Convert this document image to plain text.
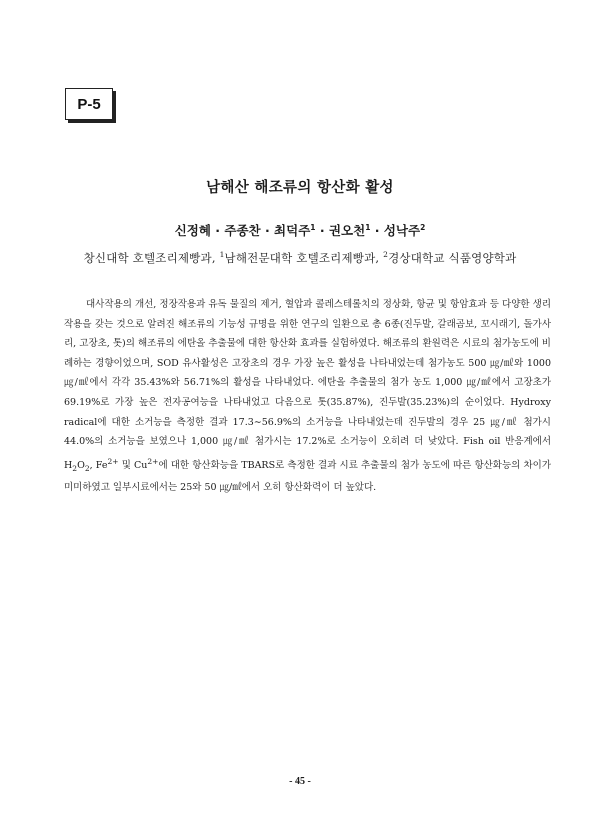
P-5
남해산 해조류의 항산화 활성
신정혜 · 주종찬 · 최덕주$^1$ · 권오천$^1$ · 성낙주$^2$
창신대학 호텔조리제빵과, $^1$남해전문대학 호텔조리제빵과, $^2$경상대학교 식품영양학과

대사작용의 개선, 정장작용과 유독 물질의 제거, 혈압과 콜레스테롤치의 정상화, 항균 및 항암효과 등 다양한 생리작용을 갖는 것으로 알려진 해조류의 기능성 규명을 위한 연구의 일환으로 총 6종(진두발, 갈래곰보, 꼬시래기, 돌가사리, 고장초, 톳)의 해조류의 에탄올 추출물에 대한 항산화 효과를 실험하였다. 해조류의 환원력은 시료의 첨가농도에 비례하는 경향이었으며, SOD 유사활성은 고장초의 경우 가장 높은 활성을 나타내었는데 첨가농도 500 ㎍/㎖와 1000 ㎍/㎖에서 각각 35.43%와 56.71%의 활성을 나타내었다. 에탄올 추출물의 첨가 농도 1,000 ㎍/㎖에서 고장초가 69.19%로 가장 높은 전자공여능을 나타내었고 다음으로 톳(35.87%), 진두발(35.23%)의 순이었다. Hydroxy radical에 대한 소거능을 측정한 결과 17.3∼56.9%의 소거능을 나타내었는데 진두발의 경우 25 ㎍/㎖ 첨가시 44.0%의 소거능을 보였으나 1,000 ㎍/㎖ 첨가시는 17.2%로 소거능이 오히려 더 낮았다. Fish oil 반응계에서 $H_2O_2$, $Fe^{2+}$ 및 $Cu^{2+}$에 대한 항산화능을 TBARS로 측정한 결과 시료 추출물의 첨가 농도에 따른 항산화능의 차이가 미미하였고 일부시료에서는 25와 50 ㎍/㎖에서 오히 항산화력이 더 높았다.

- 45 -
